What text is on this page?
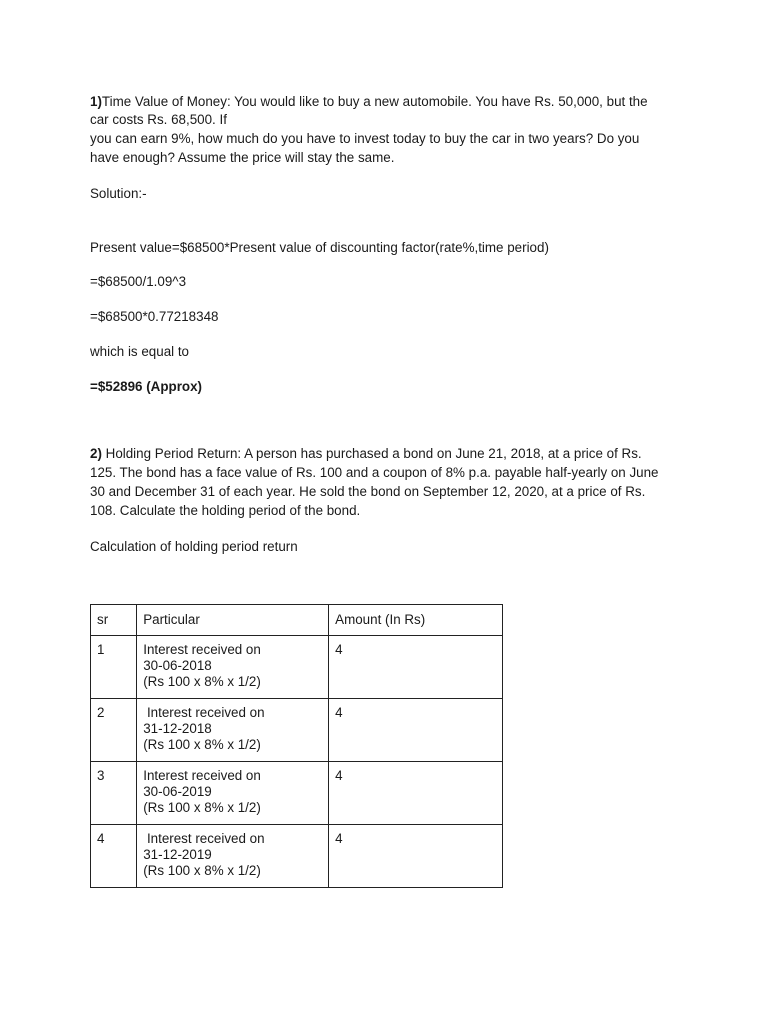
1)Time Value of Money: You would like to buy a new automobile. You have Rs. 50,000, but the
car costs Rs. 68,500. If
you can earn 9%, how much do you have to invest today to buy the car in two years? Do you
have enough? Assume the price will stay the same.
Solution:-
Present value=$68500*Present value of discounting factor(rate%,time period)
=$68500/1.09^3
=$68500*0.77218348
which is equal to
=$52896 (Approx)
2) Holding Period Return: A person has purchased a bond on June 21, 2018, at a price of Rs.
125. The bond has a face value of Rs. 100 and a coupon of 8% p.a. payable half-yearly on June
30 and December 31 of each year. He sold the bond on September 12, 2020, at a price of Rs.
108. Calculate the holding period of the bond.
Calculation of holding period return
sr	Particular	Amount (In Rs)
1	Interest received on
30-06-2018
(Rs 100 x 8% x 1/2)	4
2	Interest received on
31-12-2018
(Rs 100 x 8% x 1/2)	4
3	Interest received on
30-06-2019
(Rs 100 x 8% x 1/2)	4
4	Interest received on
31-12-2019
(Rs 100 x 8% x 1/2)	4
